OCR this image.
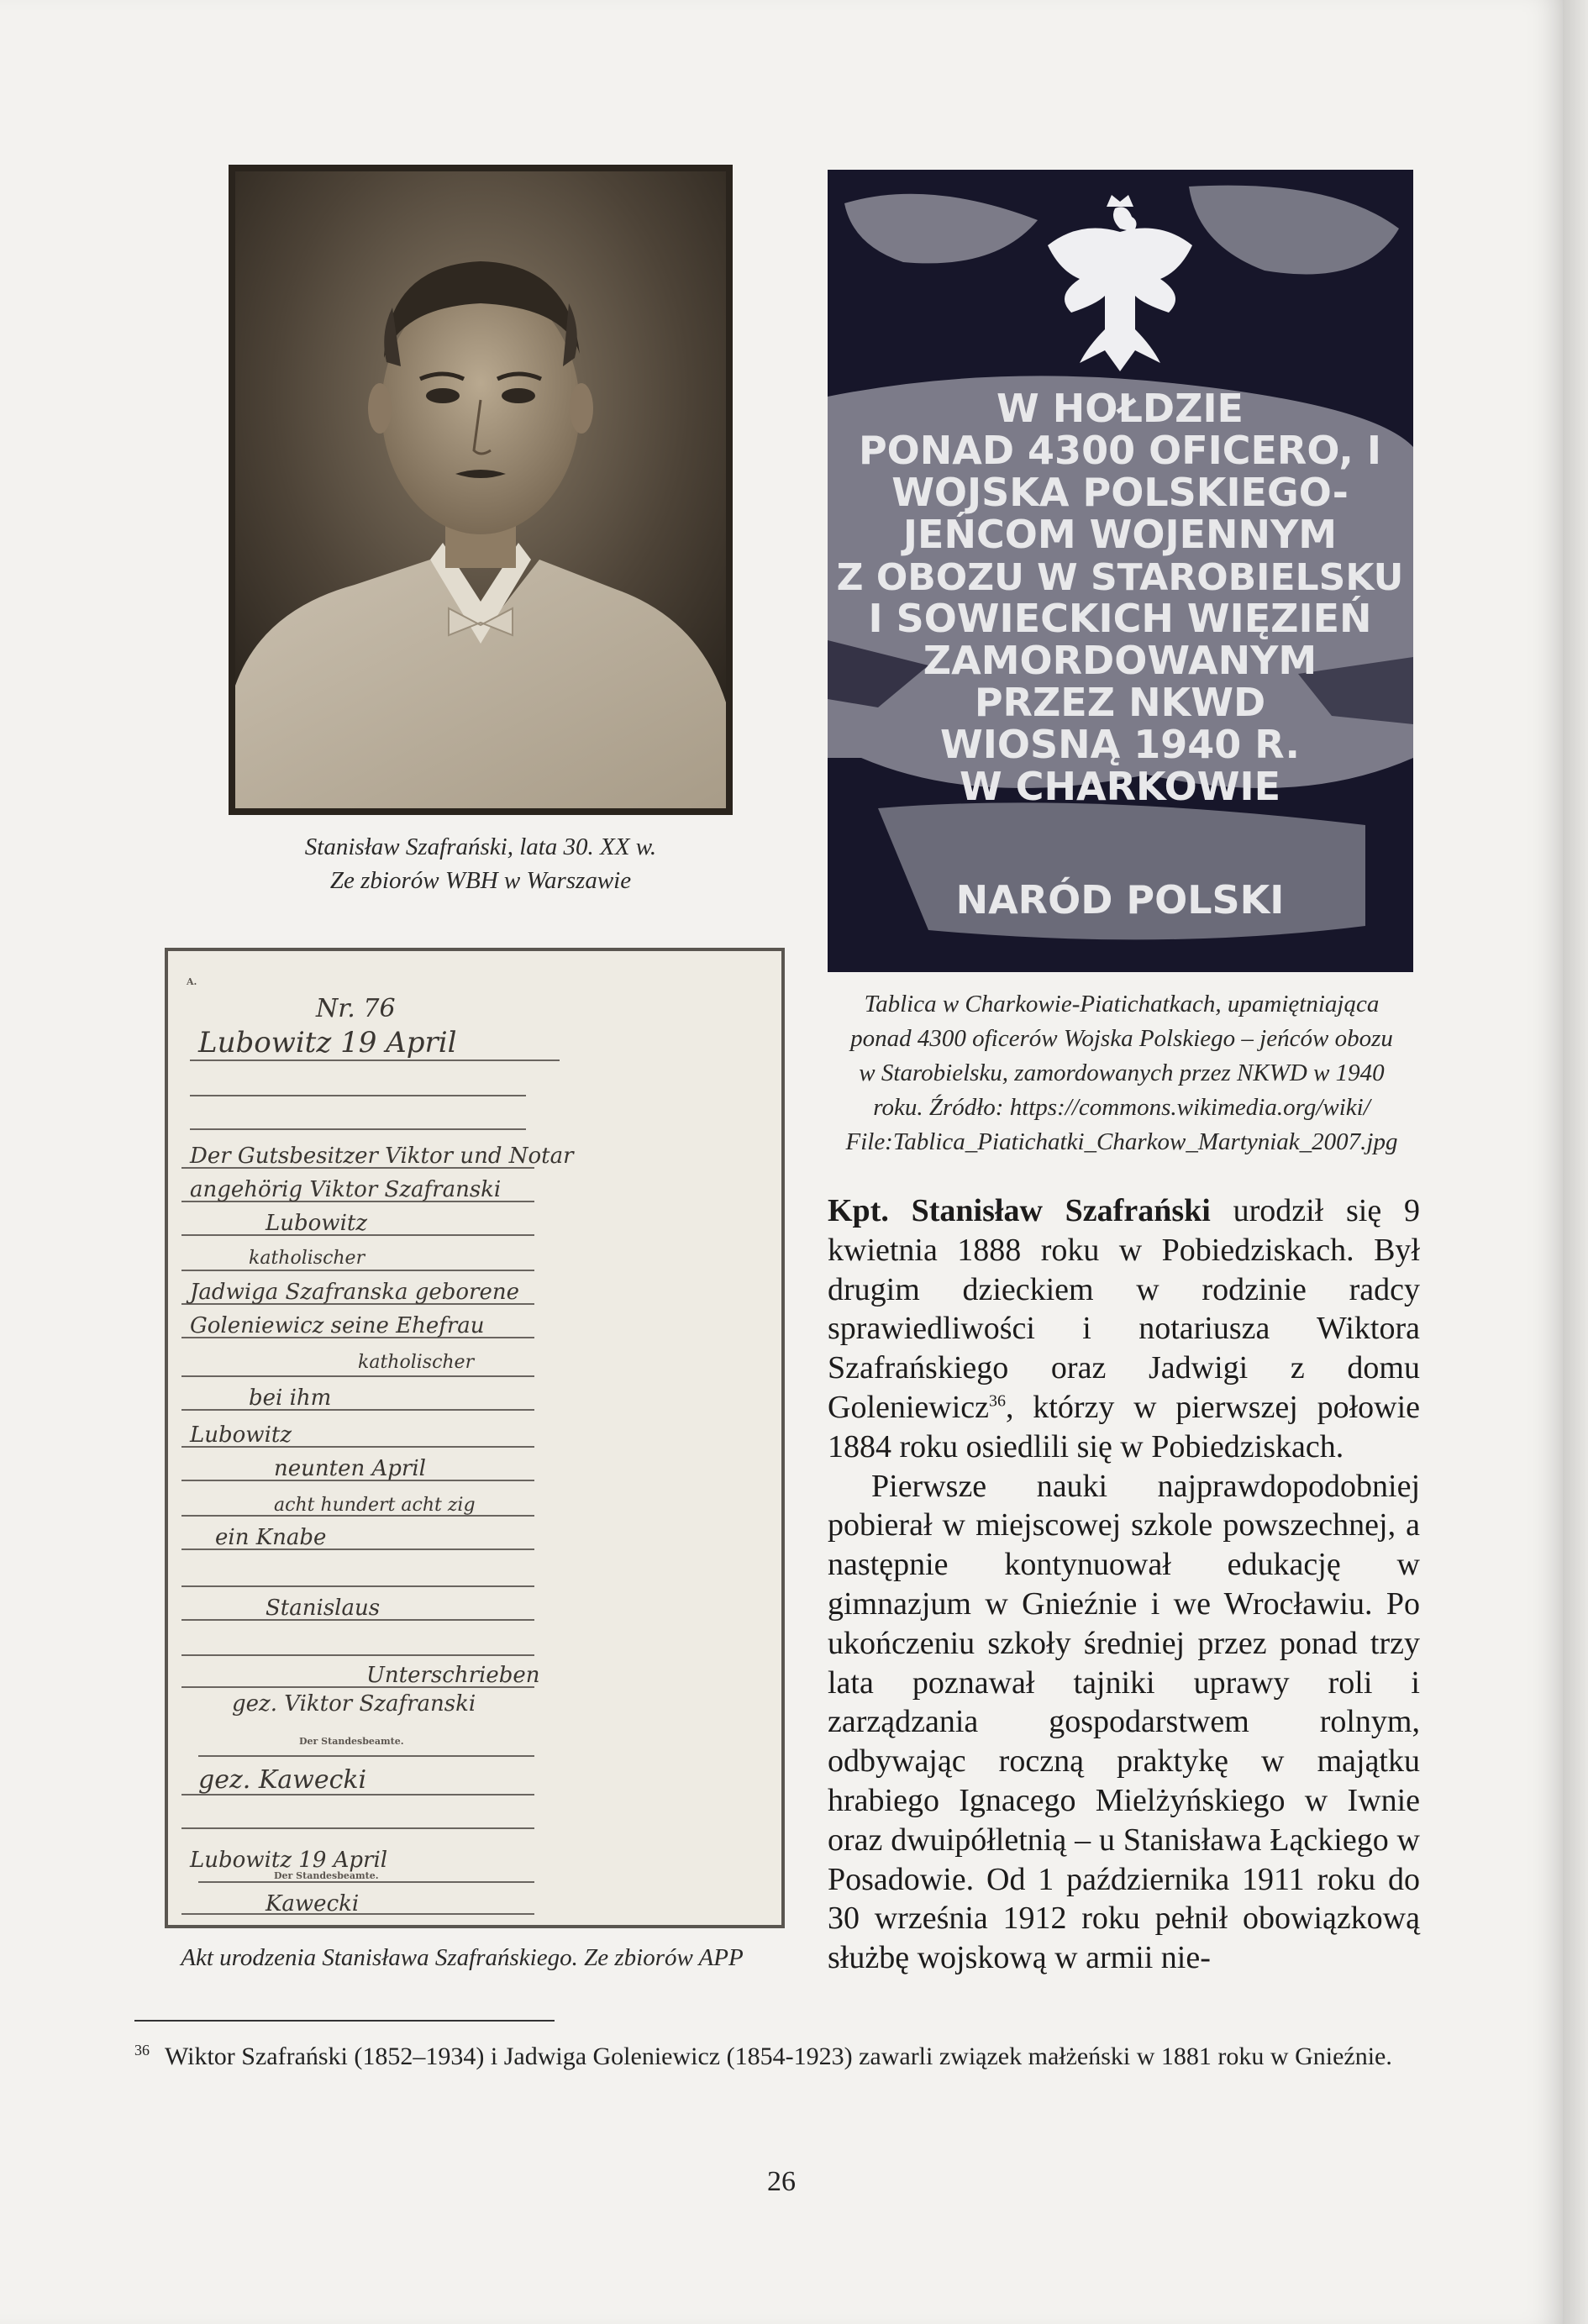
Stanisław Szafrański, lata 30. XX w.
Ze zbiorów WBH w Warszawie
W HOŁDZIE
PONAD 4300 OFICERO, I
WOJSKA POLSKIEGO-
JEŃCOM WOJENNYM
Z OBOZU W STAROBIELSKU
I SOWIECKICH WIĘZIEŃ
ZAMORDOWANYM
PRZEZ NKWD
WIOSNĄ 1940 R.
W CHARKOWIE
NARÓD POLSKI
Tablica w Charkowie-Piatichatkach, upamiętniająca
ponad 4300 oficerów Wojska Polskiego – jeńców obozu
w Starobielsku, zamordowanych przez NKWD w 1940
roku. Źródło: https://commons.wikimedia.org/wiki/
File:Tablica_Piatichatki_Charkow_Martyniak_2007.jpg
A.
Nr. 76
Lubowitz 19 April
Der Gutsbesitzer Viktor und Notar
angehörig Viktor Szafranski
Lubowitz
katholischer
Jadwiga Szafranska geborene
Goleniewicz seine Ehefrau
katholischer
bei ihm
Lubowitz
neunten April
acht hundert acht zig
ein Knabe
Stanislaus
Unterschrieben
gez. Viktor Szafranski
gez. Kawecki
Lubowitz 19 April
Kawecki
Der Standesbeamte.
Der Standesbeamte.
Akt urodzenia Stanisława Szafrańskiego. Ze zbiorów APP

Kpt. Stanisław Szafrański urodził się 9 kwietnia 1888 roku w Pobiedziskach. Był drugim dzieckiem w rodzinie radcy sprawiedliwości i notariusza Wiktora Szafrańskiego oraz Jadwigi z domu Goleniewicz$^{36}$, którzy w pierwszej połowie 1884 roku osiedlili się w Pobiedziskach.

Pierwsze nauki najprawdopodobniej pobierał w miejscowej szkole powszechnej, a następnie kontynuował edukację w gimnazjum w Gnieźnie i we Wrocławiu. Po ukończeniu szkoły średniej przez ponad trzy lata poznawał tajniki uprawy roli i zarządzania gospodarstwem rolnym, odbywając roczną praktykę w majątku hrabiego Ignacego Mielżyńskiego w Iwnie oraz dwuipółletnią – u Stanisława Łąckiego w Posadowie. Od 1 października 1911 roku do 30 września 1912 roku pełnił obowiązkową służbę wojskową w armii nie-

$^{36}$ Wiktor Szafrański (1852–1934) i Jadwiga Goleniewicz (1854-1923) zawarli związek małżeński w 1881 roku w Gnieźnie.
26
